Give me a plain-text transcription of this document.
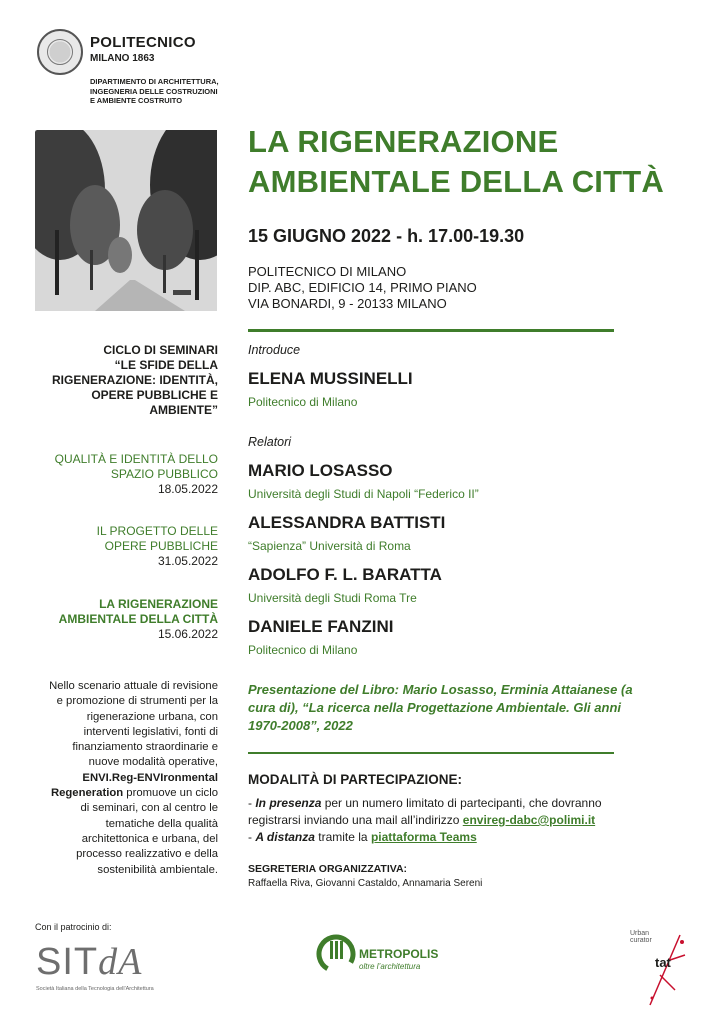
POLITECNICO
MILANO 1863
DIPARTIMENTO DI ARCHITETTURA,
INGEGNERIA DELLE COSTRUZIONI
E AMBIENTE COSTRUITO
LA RIGENERAZIONE
AMBIENTALE DELLA CITTÀ
15 GIUGNO 2022 - h. 17.00-19.30
POLITECNICO DI MILANO
DIP. ABC, EDIFICIO 14, PRIMO PIANO
VIA BONARDI, 9 - 20133 MILANO
CICLO DI SEMINARI
“LE SFIDE DELLA
RIGENERAZIONE: IDENTITÀ,
OPERE PUBBLICHE E
AMBIENTE”
QUALITÀ E IDENTITÀ DELLO
SPAZIO PUBBLICO
18.05.2022
IL PROGETTO DELLE
OPERE PUBBLICHE
31.05.2022
LA RIGENERAZIONE
AMBIENTALE DELLA CITTÀ
15.06.2022
Nello scenario attuale di revisione
e promozione di strumenti per la
rigenerazione urbana, con
interventi legislativi, fonti di
finanziamento straordinarie e
nuove modalità operative,
ENVI.Reg-ENVIronmental
Regeneration promuove un ciclo
di seminari, con al centro le
tematiche della qualità
architettonica e urbana, del
processo realizzativo e della
sostenibilità ambientale.
Introduce
ELENA MUSSINELLI
Politecnico di Milano
Relatori
MARIO LOSASSO
Università degli Studi di Napoli “Federico II”
ALESSANDRA BATTISTI
“Sapienza” Università di Roma
ADOLFO F. L. BARATTA
Università degli Studi Roma Tre
DANIELE FANZINI
Politecnico di Milano
Presentazione del Libro: Mario Losasso, Erminia Attaianese (a
cura di), “La ricerca nella Progettazione Ambientale. Gli anni
1970-2008”, 2022
MODALITÀ DI PARTECIPAZIONE:
- In presenza per un numero limitato di partecipanti, che dovranno
registrarsi inviando una mail all’indirizzo envireg-dabc@polimi.it
- A distanza tramite la piattaforma Teams
SEGRETERIA ORGANIZZATIVA:
Raffaella Riva, Giovanni Castaldo, Annamaria Sereni
Con il patrocinio di:
SITdA
Società Italiana della Tecnologia dell'Architettura
METROPOLIS
oltre l’architettura
Urban
curator
tat
